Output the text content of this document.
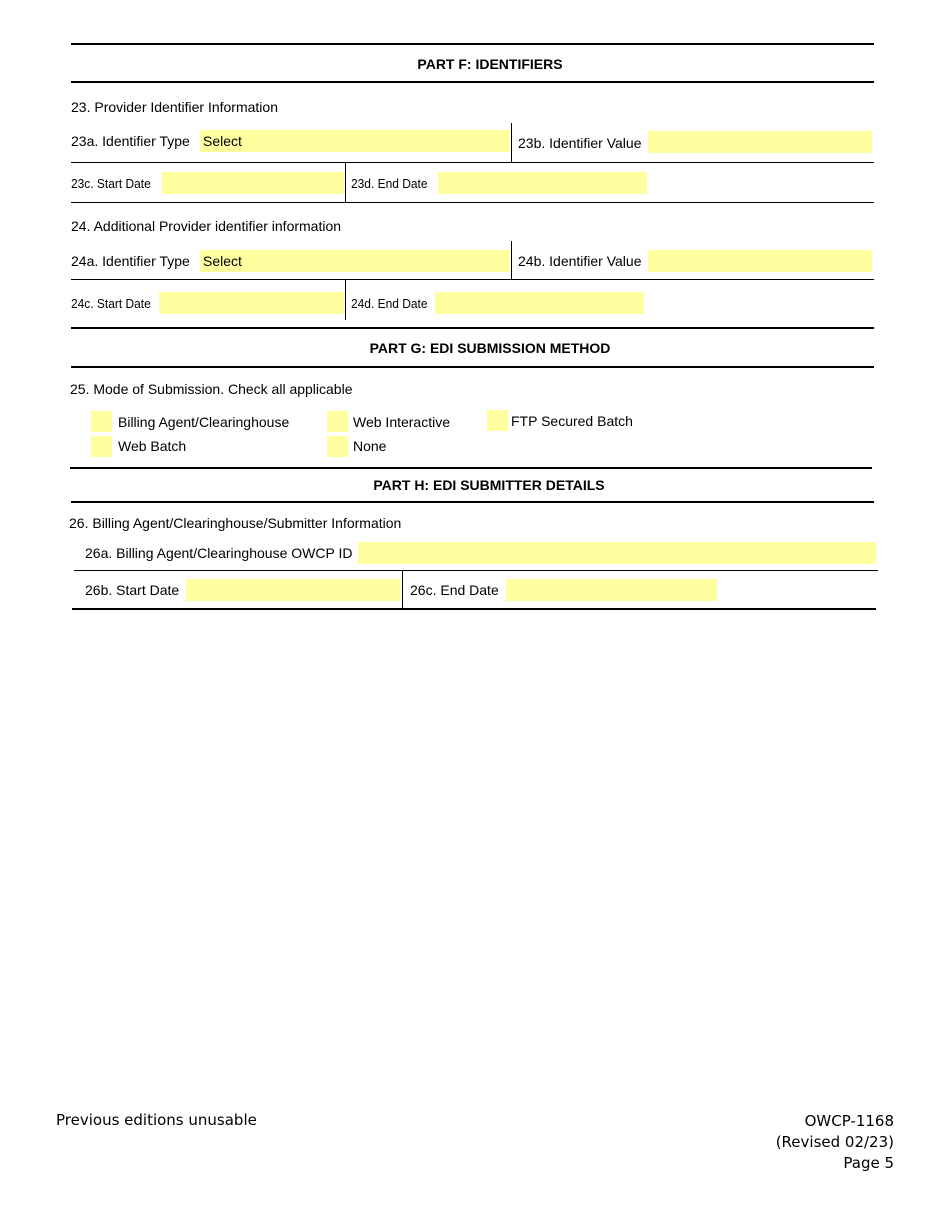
PART F: IDENTIFIERS
23. Provider Identifier Information
23a. Identifier Type Select	23b. Identifier Value
23c. Start Date	23d. End Date
24. Additional Provider identifier information
24a. Identifier Type Select	24b. Identifier Value
24c. Start Date	24d. End Date
PART G: EDI SUBMISSION METHOD
25. Mode of Submission. Check all applicable
Billing Agent/Clearinghouse	Web Interactive	FTP Secured Batch
Web Batch	None
PART H: EDI SUBMITTER DETAILS
26. Billing Agent/Clearinghouse/Submitter Information
26a. Billing Agent/Clearinghouse OWCP ID
26b. Start Date	26c. End Date
Previous editions unusable	OWCP-1168
(Revised 02/23)
Page 5
